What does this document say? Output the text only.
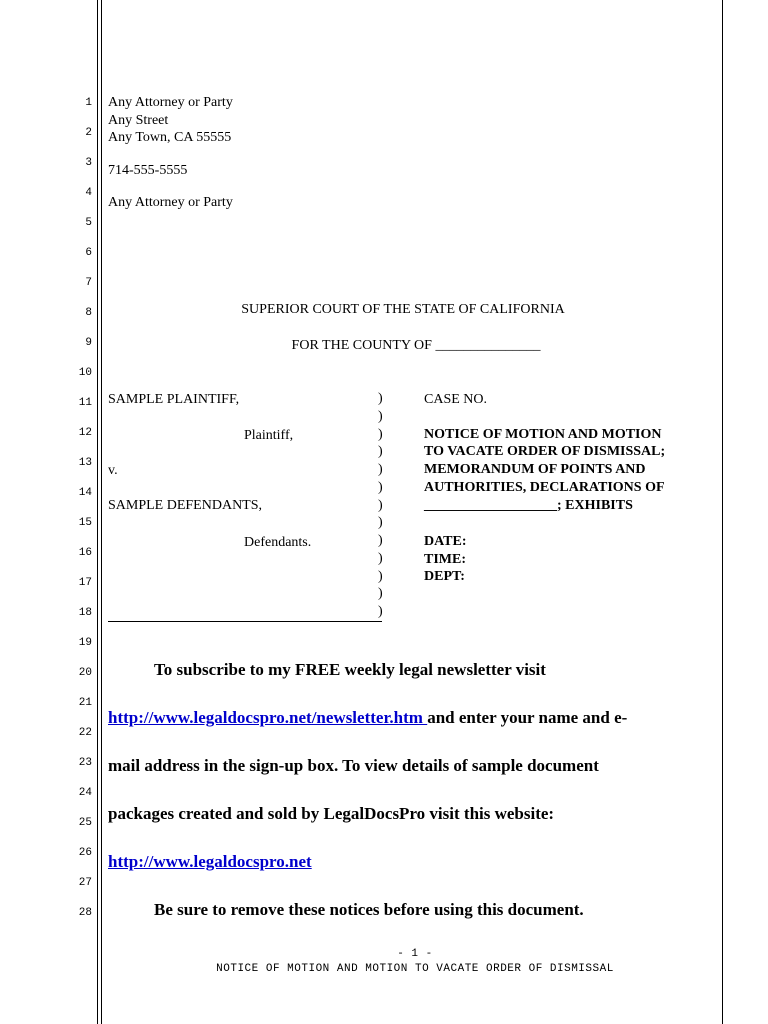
1
2
3
4
5
6
7
8
9
10
11
12
13
14
15
16
17
18
19
20
21
22
23
24
25
26
27
28
Any Attorney or Party
Any Street
Any Town, CA 55555
714-555-5555
Any Attorney or Party
SUPERIOR COURT OF THE STATE OF CALIFORNIA
FOR THE COUNTY OF _______________
SAMPLE PLAINTIFF,
Plaintiff,
v.
SAMPLE DEFENDANTS,
Defendants.
)
)
)
)
)
)
)
)
)
)
)
)
)
CASE NO.
NOTICE OF MOTION AND MOTION
TO VACATE ORDER OF DISMISSAL;
MEMORANDUM OF POINTS AND
AUTHORITIES, DECLARATIONS OF
___________________; EXHIBITS
DATE:
TIME:
DEPT:
To subscribe to my FREE weekly legal newsletter visit
http://www.legaldocspro.net/newsletter.htm and enter your name and e-
mail address in the sign-up box. To view details of sample document
packages created and sold by LegalDocsPro visit this website:
http://www.legaldocspro.net
Be sure to remove these notices before using this document.
- 1 -
NOTICE OF MOTION AND MOTION TO VACATE ORDER OF DISMISSAL
